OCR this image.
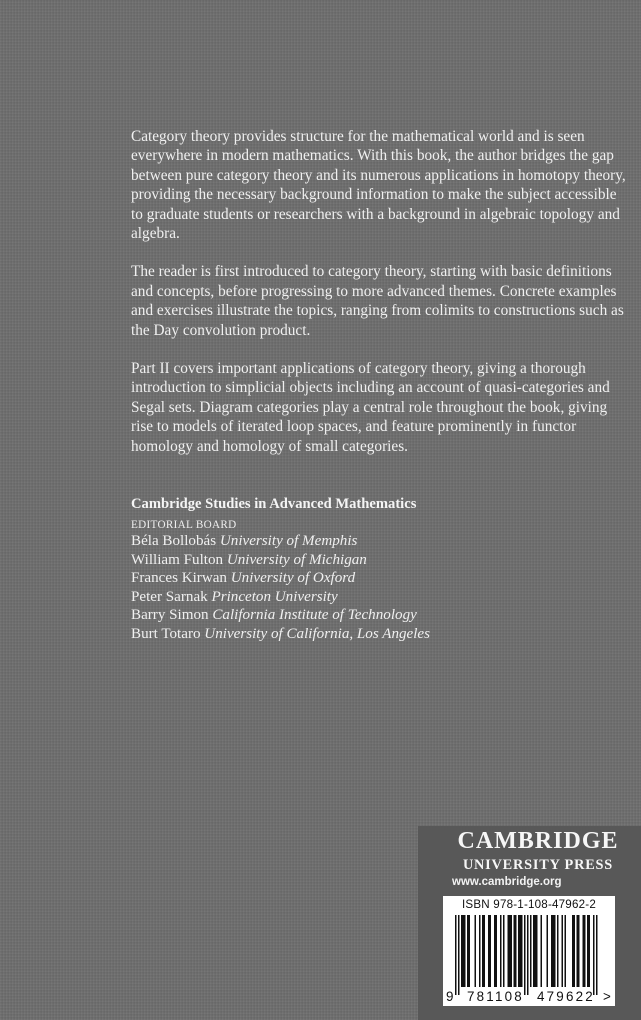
Category theory provides structure for the mathematical world and is seen everywhere in modern mathematics. With this book, the author bridges the gap between pure category theory and its numerous applications in homotopy theory, providing the necessary background information to make the subject accessible to graduate students or researchers with a background in algebraic topology and algebra.

The reader is first introduced to category theory, starting with basic definitions and concepts, before progressing to more advanced themes. Concrete examples and exercises illustrate the topics, ranging from colimits to constructions such as the Day convolution product.

Part II covers important applications of category theory, giving a thorough introduction to simplicial objects including an account of quasi-categories and Segal sets. Diagram categories play a central role throughout the book, giving rise to models of iterated loop spaces, and feature prominently in functor homology and homology of small categories.

Cambridge Studies in Advanced Mathematics
EDITORIAL BOARD
Béla Bollobás University of Memphis
William Fulton University of Michigan
Frances Kirwan University of Oxford
Peter Sarnak Princeton University
Barry Simon California Institute of Technology
Burt Totaro University of California, Los Angeles
CAMBRIDGE
UNIVERSITY PRESS
www.cambridge.org
ISBN 978-1-108-47962-2
9 781108 479622 >
